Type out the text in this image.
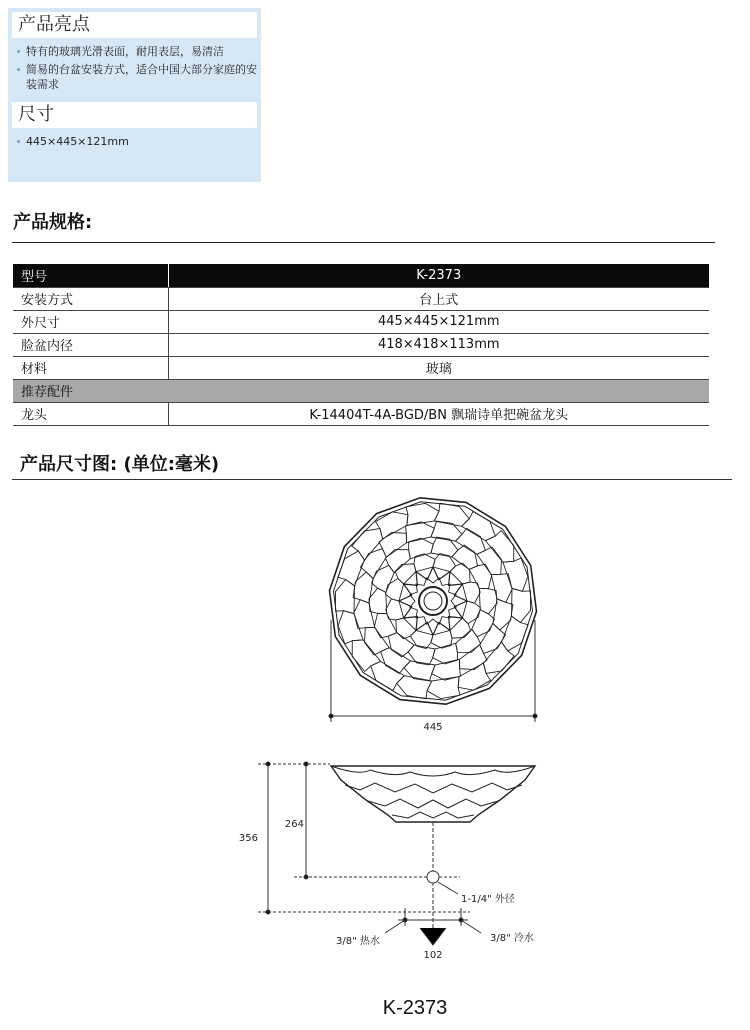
产品亮点
特有的玻璃光滑表面，耐用表层，易清洁
简易的台盆安装方式，适合中国大部分家庭的安装需求
尺寸
445×445×121mm
产品规格:
型号	K-2373
安装方式	台上式
外尺寸	445×445×121mm
脸盆内径	418×418×113mm
材料	玻璃
推荐配件	
龙头	K-14404T-4A-BGD/BN 飘瑞诗单把碗盆龙头
产品尺寸图: (单位:毫米)
445
356
264
1-1/4" 外径
3/8" 热水	3/8" 冷水
102
K-2373
